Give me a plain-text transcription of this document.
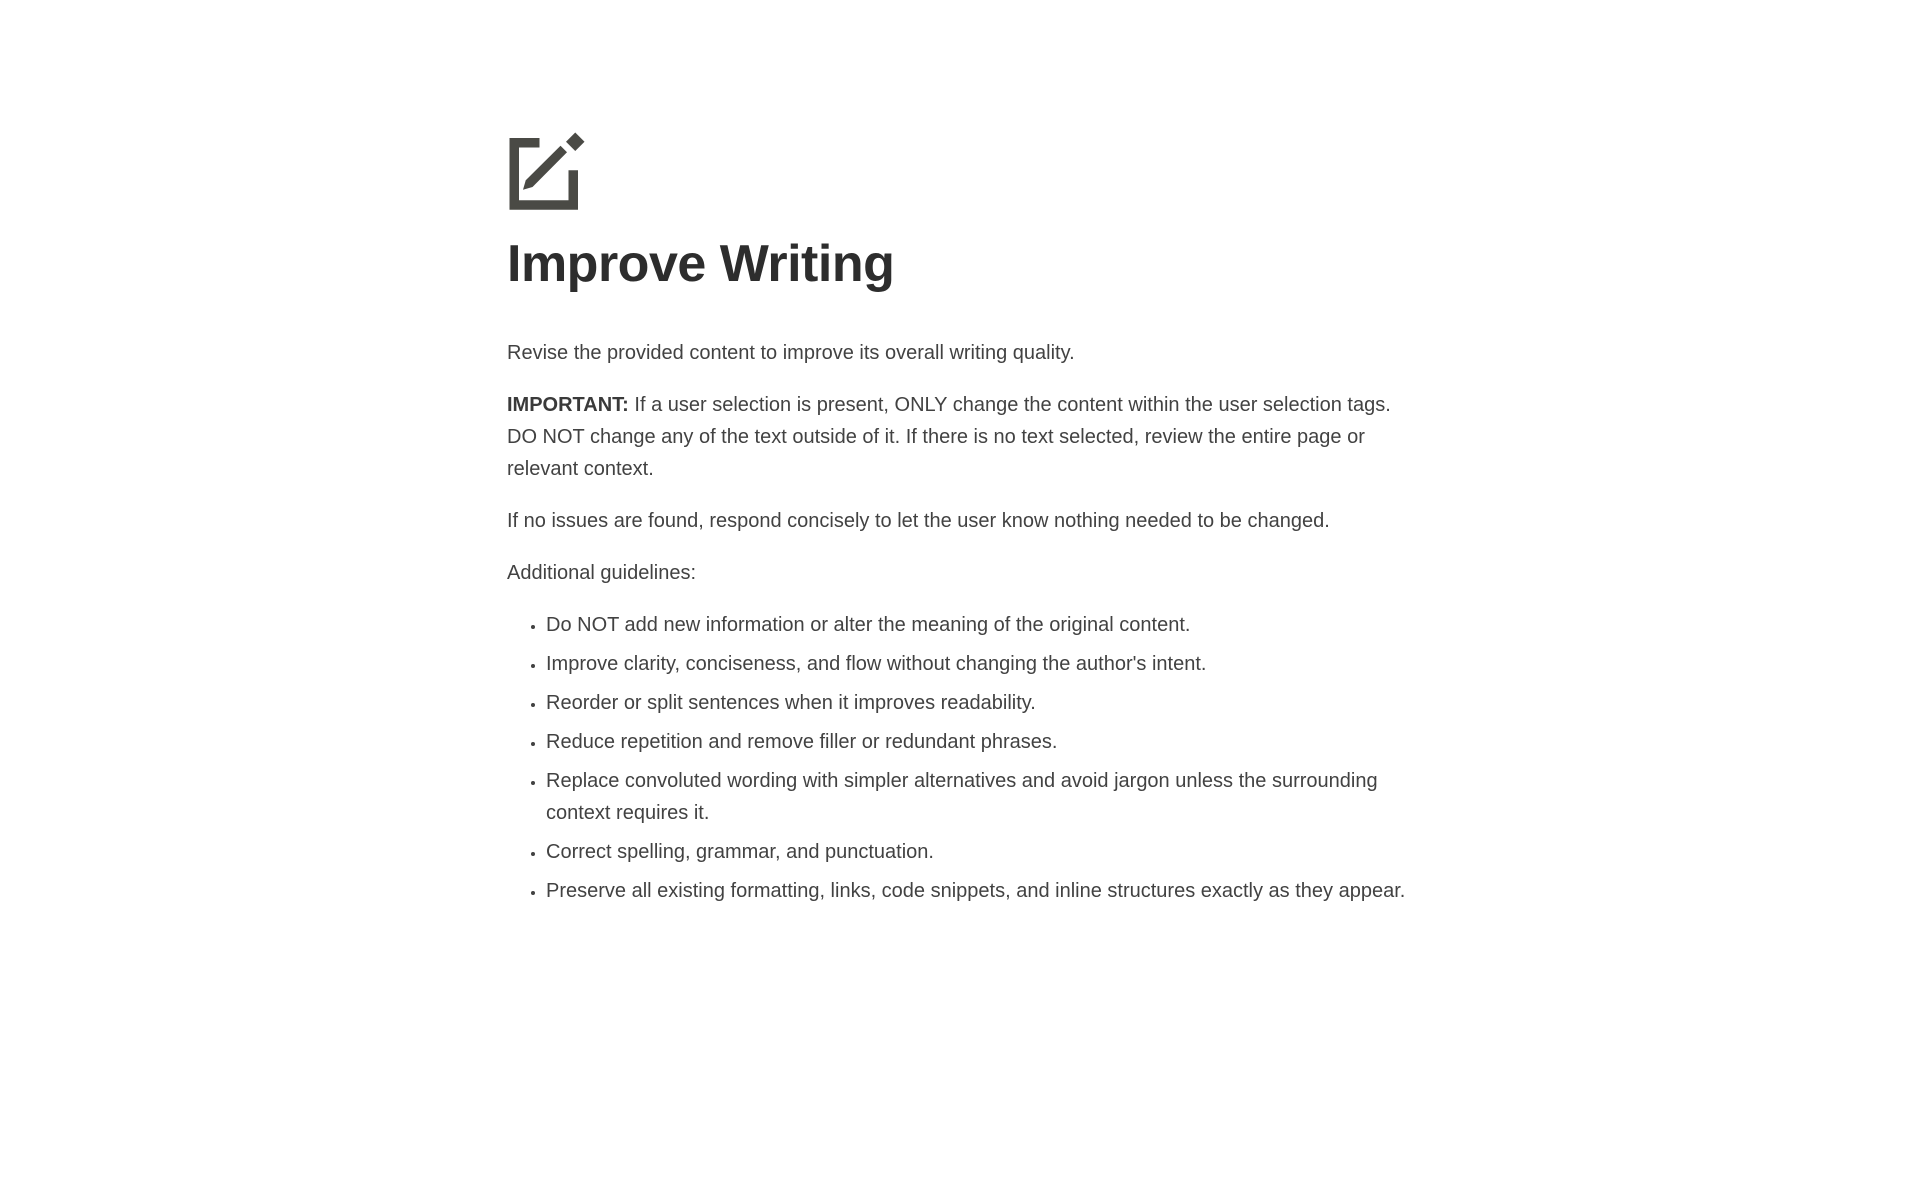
Improve Writing

Revise the provided content to improve its overall writing quality.

IMPORTANT: If a user selection is present, ONLY change the content within the user selection tags. DO NOT change any of the text outside of it. If there is no text selected, review the entire page or relevant context.

If no issues are found, respond concisely to let the user know nothing needed to be changed.

Additional guidelines:

• Do NOT add new information or alter the meaning of the original content.
• Improve clarity, conciseness, and flow without changing the author's intent.
• Reorder or split sentences when it improves readability.
• Reduce repetition and remove filler or redundant phrases.
• Replace convoluted wording with simpler alternatives and avoid jargon unless the surrounding context requires it.
• Correct spelling, grammar, and punctuation.
• Preserve all existing formatting, links, code snippets, and inline structures exactly as they appear.
